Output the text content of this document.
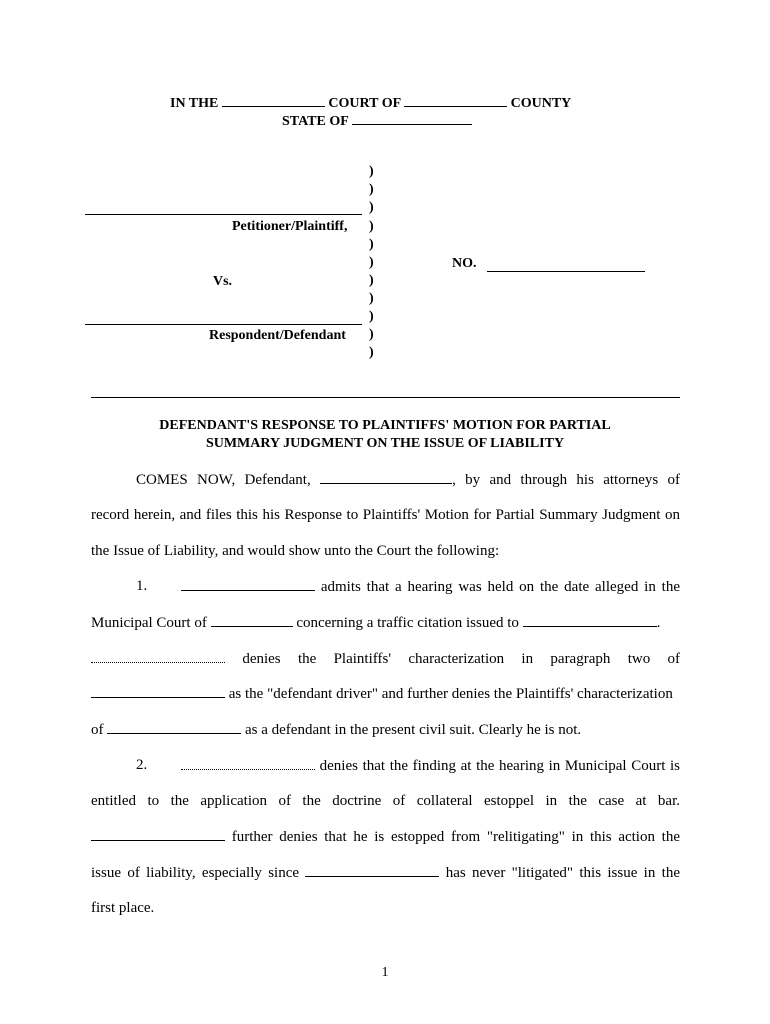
IN THE	COURT OF	COUNTY
STATE OF
)
)
)
)
)
)
)
)
)
)
)
Petitioner/Plaintiff,
Vs.
Respondent/Defendant
NO.
DEFENDANT'S RESPONSE TO PLAINTIFFS' MOTION FOR PARTIAL
SUMMARY JUDGMENT ON THE ISSUE OF LIABILITY
COMES NOW, Defendant,	, by and through his attorneys of
record herein, and files this his Response to Plaintiffs' Motion for Partial Summary Judgment on
the Issue of Liability, and would show unto the Court the following:
1.	admits that a hearing was held on the date alleged in the
Municipal Court of	concerning a traffic citation issued to	.
denies the Plaintiffs' characterization in paragraph two of
as the "defendant driver" and further denies the Plaintiffs' characterization
of	as a defendant in the present civil suit. Clearly he is not.
2.	denies that the finding at the hearing in Municipal Court is
entitled to the application of the doctrine of collateral estoppel in the case at bar.
further denies that he is estopped from "relitigating" in this action the
issue of liability, especially since	has never "litigated" this issue in the
first place.
1
